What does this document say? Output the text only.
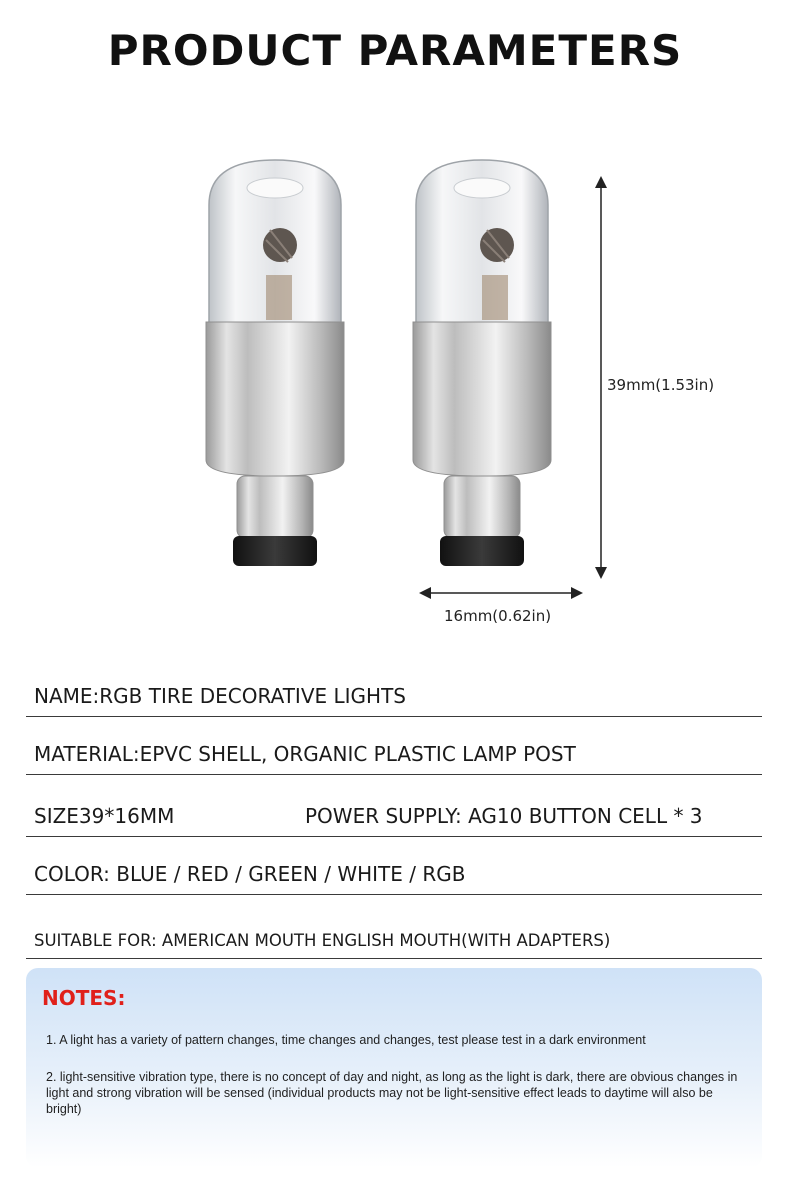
PRODUCT PARAMETERS
39mm(1.53in)
16mm(0.62in)
NAME:RGB TIRE DECORATIVE LIGHTS
MATERIAL:EPVC SHELL, ORGANIC PLASTIC LAMP POST
SIZE39*16MM	POWER SUPPLY: AG10 BUTTON CELL * 3
COLOR: BLUE / RED / GREEN / WHITE / RGB
SUITABLE FOR: AMERICAN MOUTH ENGLISH MOUTH(WITH ADAPTERS)
NOTES:
1. A light has a variety of pattern changes, time changes and changes, test please test in a dark environment
2. light-sensitive vibration type, there is no concept of day and night, as long as the light is dark, there are obvious changes in light and strong vibration will be sensed (individual products may not be light-sensitive effect leads to daytime will also be bright)
